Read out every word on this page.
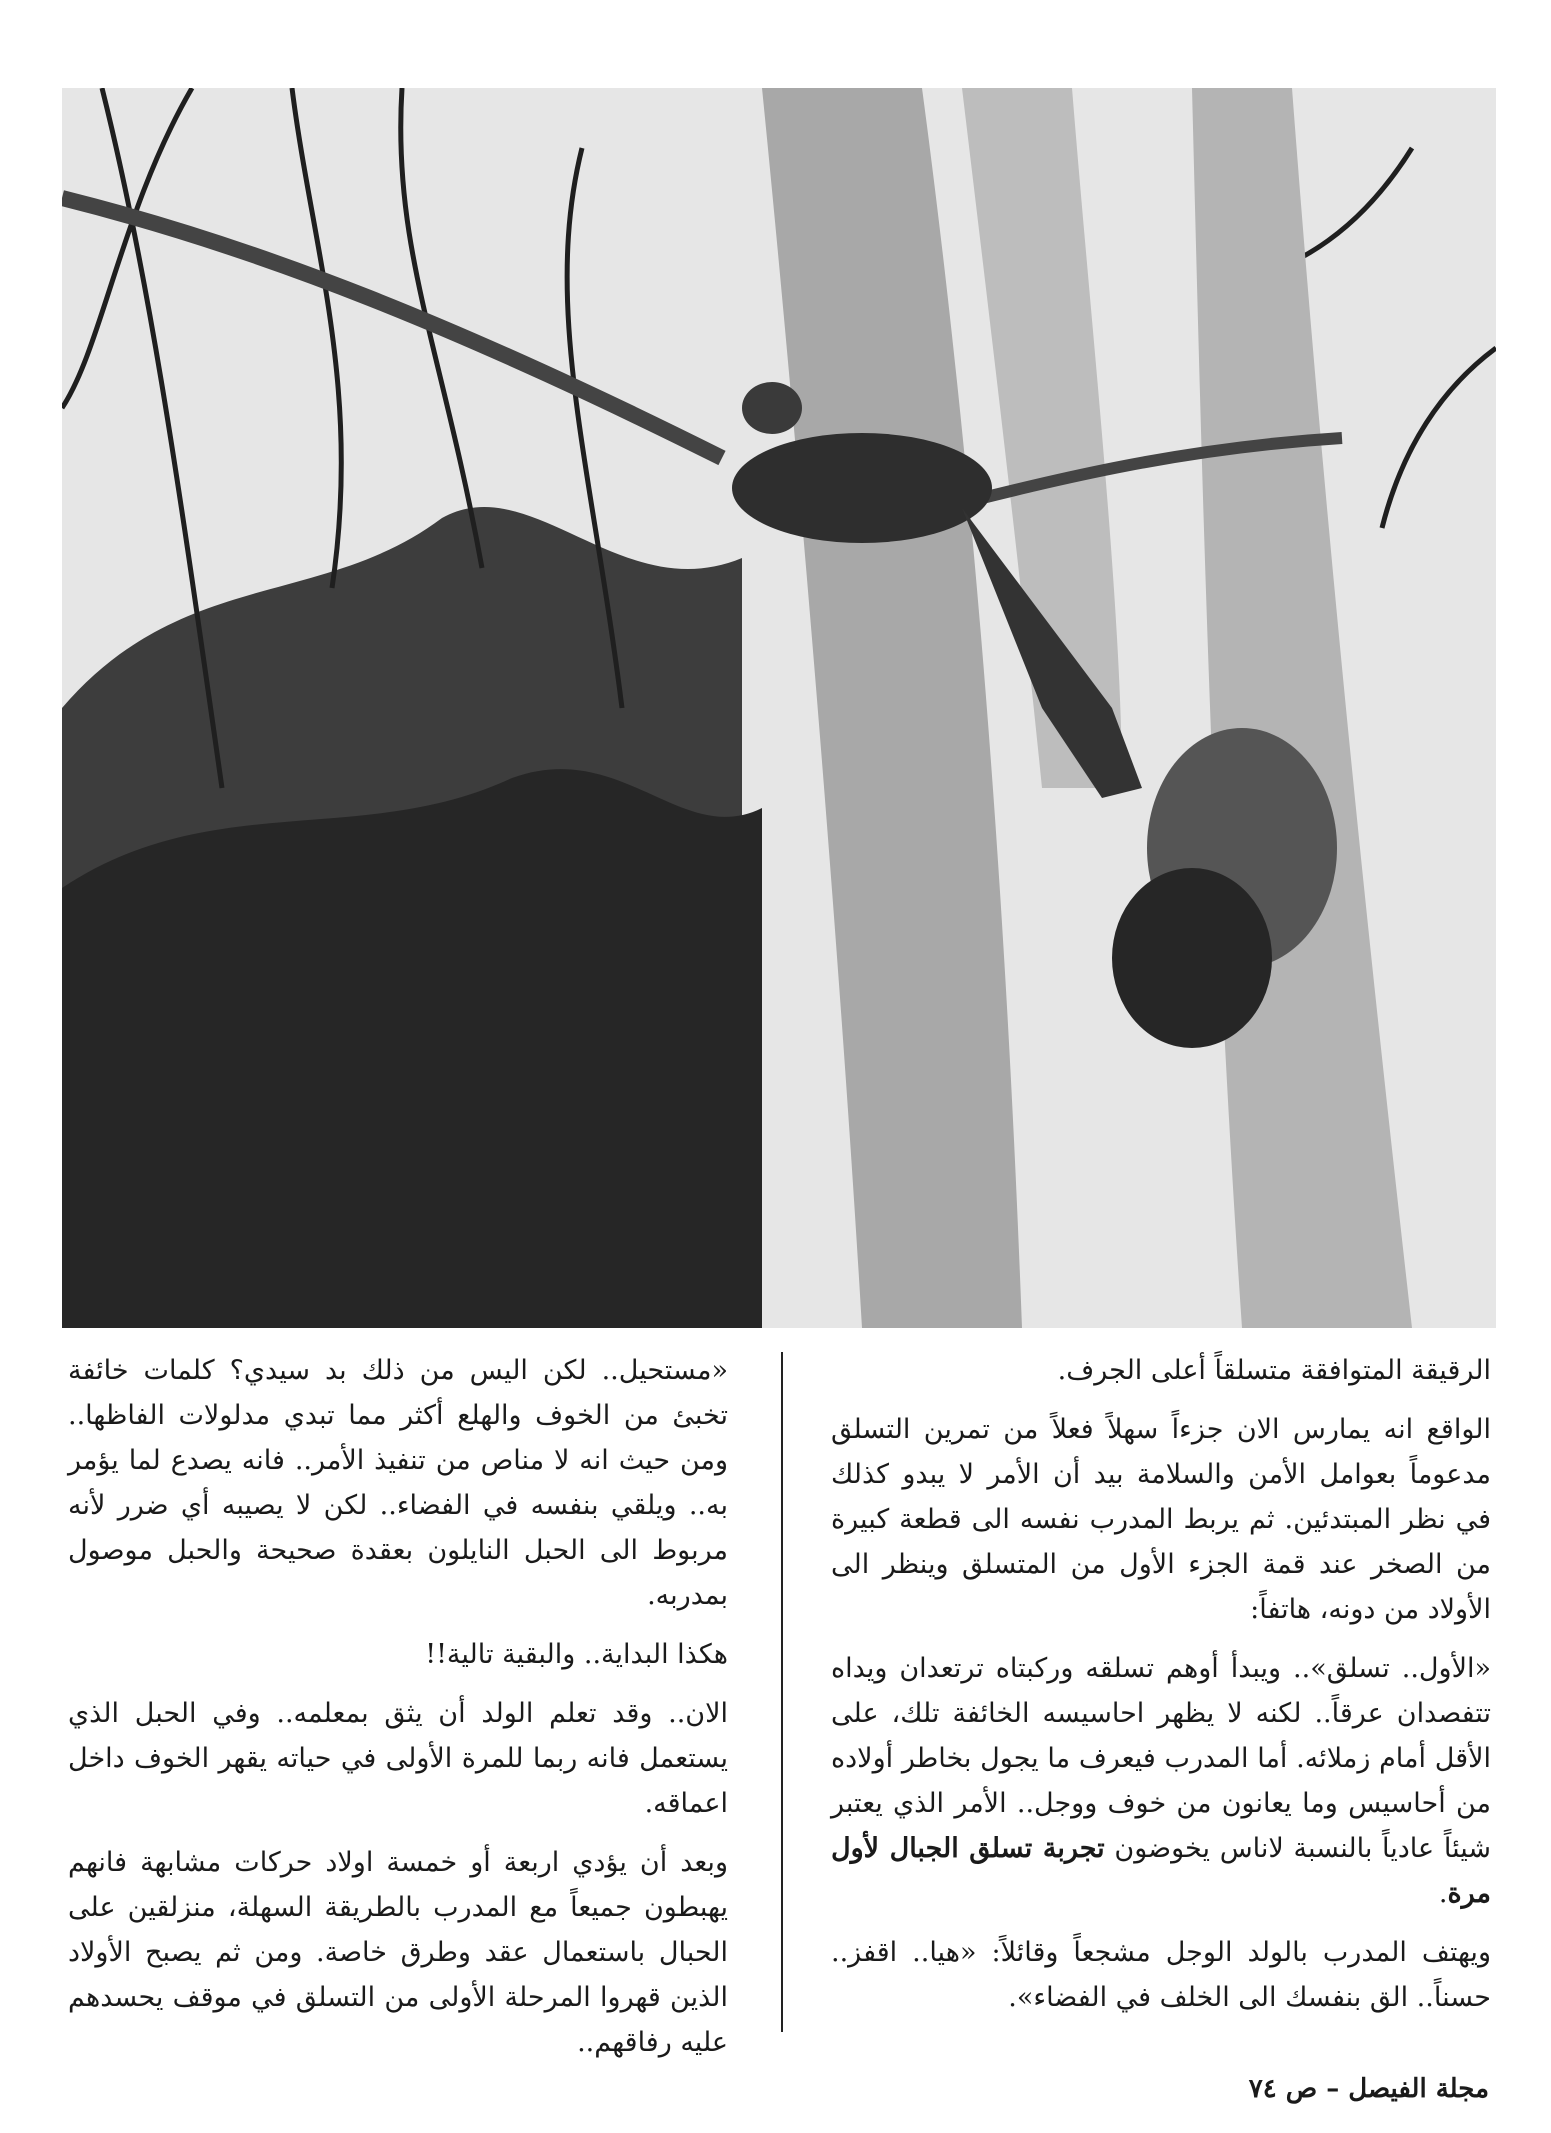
الرقيقة المتوافقة متسلقاً أعلى الجرف.

الواقع انه يمارس الان جزءاً سهلاً فعلاً من تمرين التسلق مدعوماً بعوامل الأمن والسلامة بيد أن الأمر لا يبدو كذلك في نظر المبتدئين. ثم يربط المدرب نفسه الى قطعة كبيرة من الصخر عند قمة الجزء الأول من المتسلق وينظر الى الأولاد من دونه، هاتفاً:

«الأول.. تسلق».. ويبدأ أوهم تسلقه وركبتاه ترتعدان ويداه تتفصدان عرقاً.. لكنه لا يظهر احاسيسه الخائفة تلك، على الأقل أمام زملائه. أما المدرب فيعرف ما يجول بخاطر أولاده من أحاسيس وما يعانون من خوف ووجل.. الأمر الذي يعتبر شيئاً عادياً بالنسبة لاناس يخوضون تجربة تسلق الجبال لأول مرة.

ويهتف المدرب بالولد الوجل مشجعاً وقائلاً: «هيا.. اقفز.. حسناً.. الق بنفسك الى الخلف في الفضاء».

«مستحيل.. لكن اليس من ذلك بد سيدي؟ كلمات خائفة تخبئ من الخوف والهلع أكثر مما تبدي مدلولات الفاظها.. ومن حيث انه لا مناص من تنفيذ الأمر.. فانه يصدع لما يؤمر به.. ويلقي بنفسه في الفضاء.. لكن لا يصيبه أي ضرر لأنه مربوط الى الحبل النايلون بعقدة صحيحة والحبل موصول بمدربه.

هكذا البداية.. والبقية تالية!!

الان.. وقد تعلم الولد أن يثق بمعلمه.. وفي الحبل الذي يستعمل فانه ربما للمرة الأولى في حياته يقهر الخوف داخل اعماقه.

وبعد أن يؤدي اربعة أو خمسة اولاد حركات مشابهة فانهم يهبطون جميعاً مع المدرب بالطريقة السهلة، منزلقين على الحبال باستعمال عقد وطرق خاصة. ومن ثم يصبح الأولاد الذين قهروا المرحلة الأولى من التسلق في موقف يحسدهم عليه رفاقهم..

مجلة الفيصل – ص ٧٤
